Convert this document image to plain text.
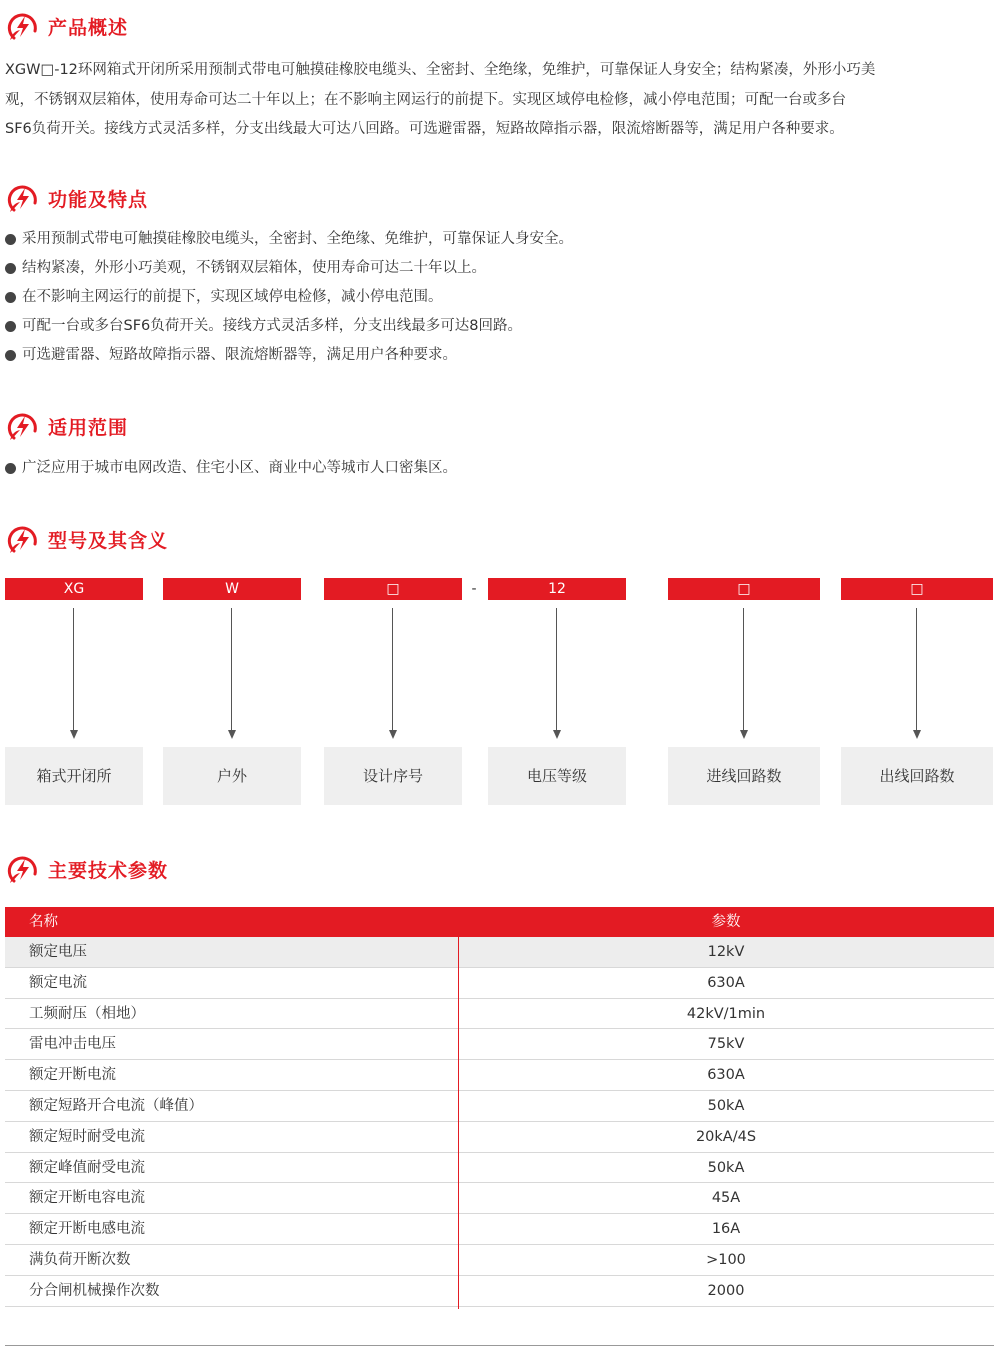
产品概述

XGW□-12环网箱式开闭所采用预制式带电可触摸硅橡胶电缆头、全密封、全绝缘，免维护，可靠保证人身安全；结构紧凑，外形小巧美

观，不锈钢双层箱体，使用寿命可达二十年以上；在不影响主网运行的前提下。实现区域停电检修，减小停电范围；可配一台或多台

SF6负荷开关。接线方式灵活多样，分支出线最大可达八回路。可选避雷器，短路故障指示器，限流熔断器等，满足用户各种要求。

功能及特点
采用预制式带电可触摸硅橡胶电缆头，全密封、全绝缘、免维护，可靠保证人身安全。
结构紧凑，外形小巧美观，不锈钢双层箱体，使用寿命可达二十年以上。
在不影响主网运行的前提下，实现区域停电检修，减小停电范围。
可配一台或多台SF6负荷开关。接线方式灵活多样，分支出线最多可达8回路。
可选避雷器、短路故障指示器、限流熔断器等，满足用户各种要求。
适用范围
广泛应用于城市电网改造、住宅小区、商业中心等城市人口密集区。
型号及其含义
XG	W	□	-	12	□	□
箱式开闭所	户外	设计序号	电压等级	进线回路数	出线回路数
主要技术参数
名称	参数
额定电压	12kV
额定电流	630A
工频耐压（相地）	42kV/1min
雷电冲击电压	75kV
额定开断电流	630A
额定短路开合电流（峰值）	50kA
额定短时耐受电流	20kA/4S
额定峰值耐受电流	50kA
额定开断电容电流	45A
额定开断电感电流	16A
满负荷开断次数	>100
分合闸机械操作次数	2000
